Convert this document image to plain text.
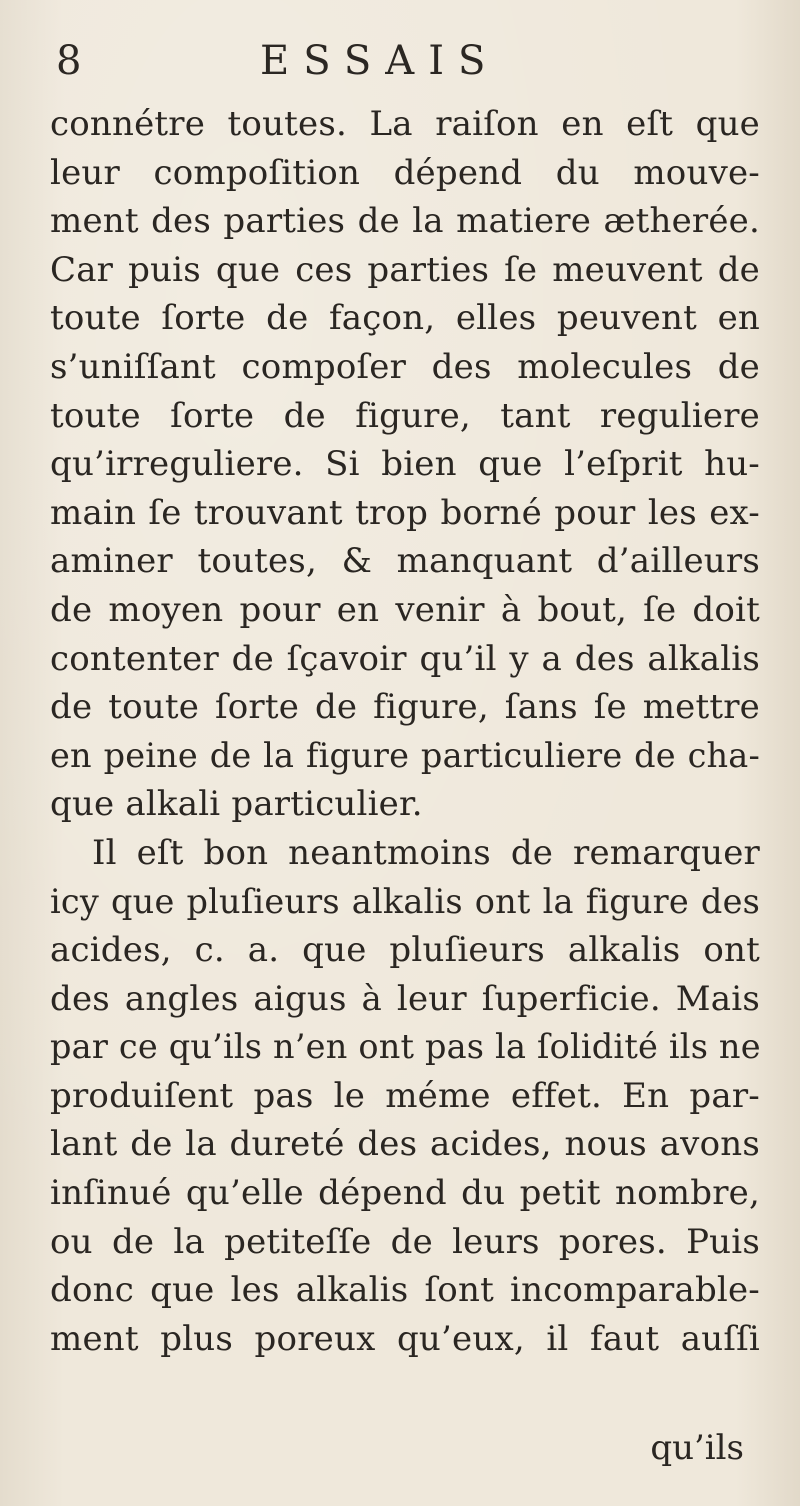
8	ESSAIS
connétre toutes. La raiſon en eſt que
leur compoſition dépend du mouve-
ment des parties de la matiere ætherée.
Car puis que ces parties ſe meuvent de
toute ſorte de façon, elles peuvent en
s’uniſſant compoſer des molecules de
toute ſorte de figure, tant reguliere
qu’irreguliere. Si bien que l’eſprit hu-
main ſe trouvant trop borné pour les ex-
aminer toutes, & manquant d’ailleurs
de moyen pour en venir à bout, ſe doit
contenter de ſçavoir qu’il y a des alkalis
de toute ſorte de figure, ſans ſe mettre
en peine de la figure particuliere de cha-
que alkali particulier.
Il eſt bon neantmoins de remarquer
icy que pluſieurs alkalis ont la figure des
acides, c. a. que pluſieurs alkalis ont
des angles aigus à leur ſuperficie. Mais
par ce qu’ils n’en ont pas la ſolidité ils ne
produiſent pas le méme effet. En par-
lant de la dureté des acides, nous avons
inſinué qu’elle dépend du petit nombre,
ou de la petiteſſe de leurs pores. Puis
donc que les alkalis ſont incomparable-
ment plus poreux qu’eux, il faut auſſi
qu’ils
